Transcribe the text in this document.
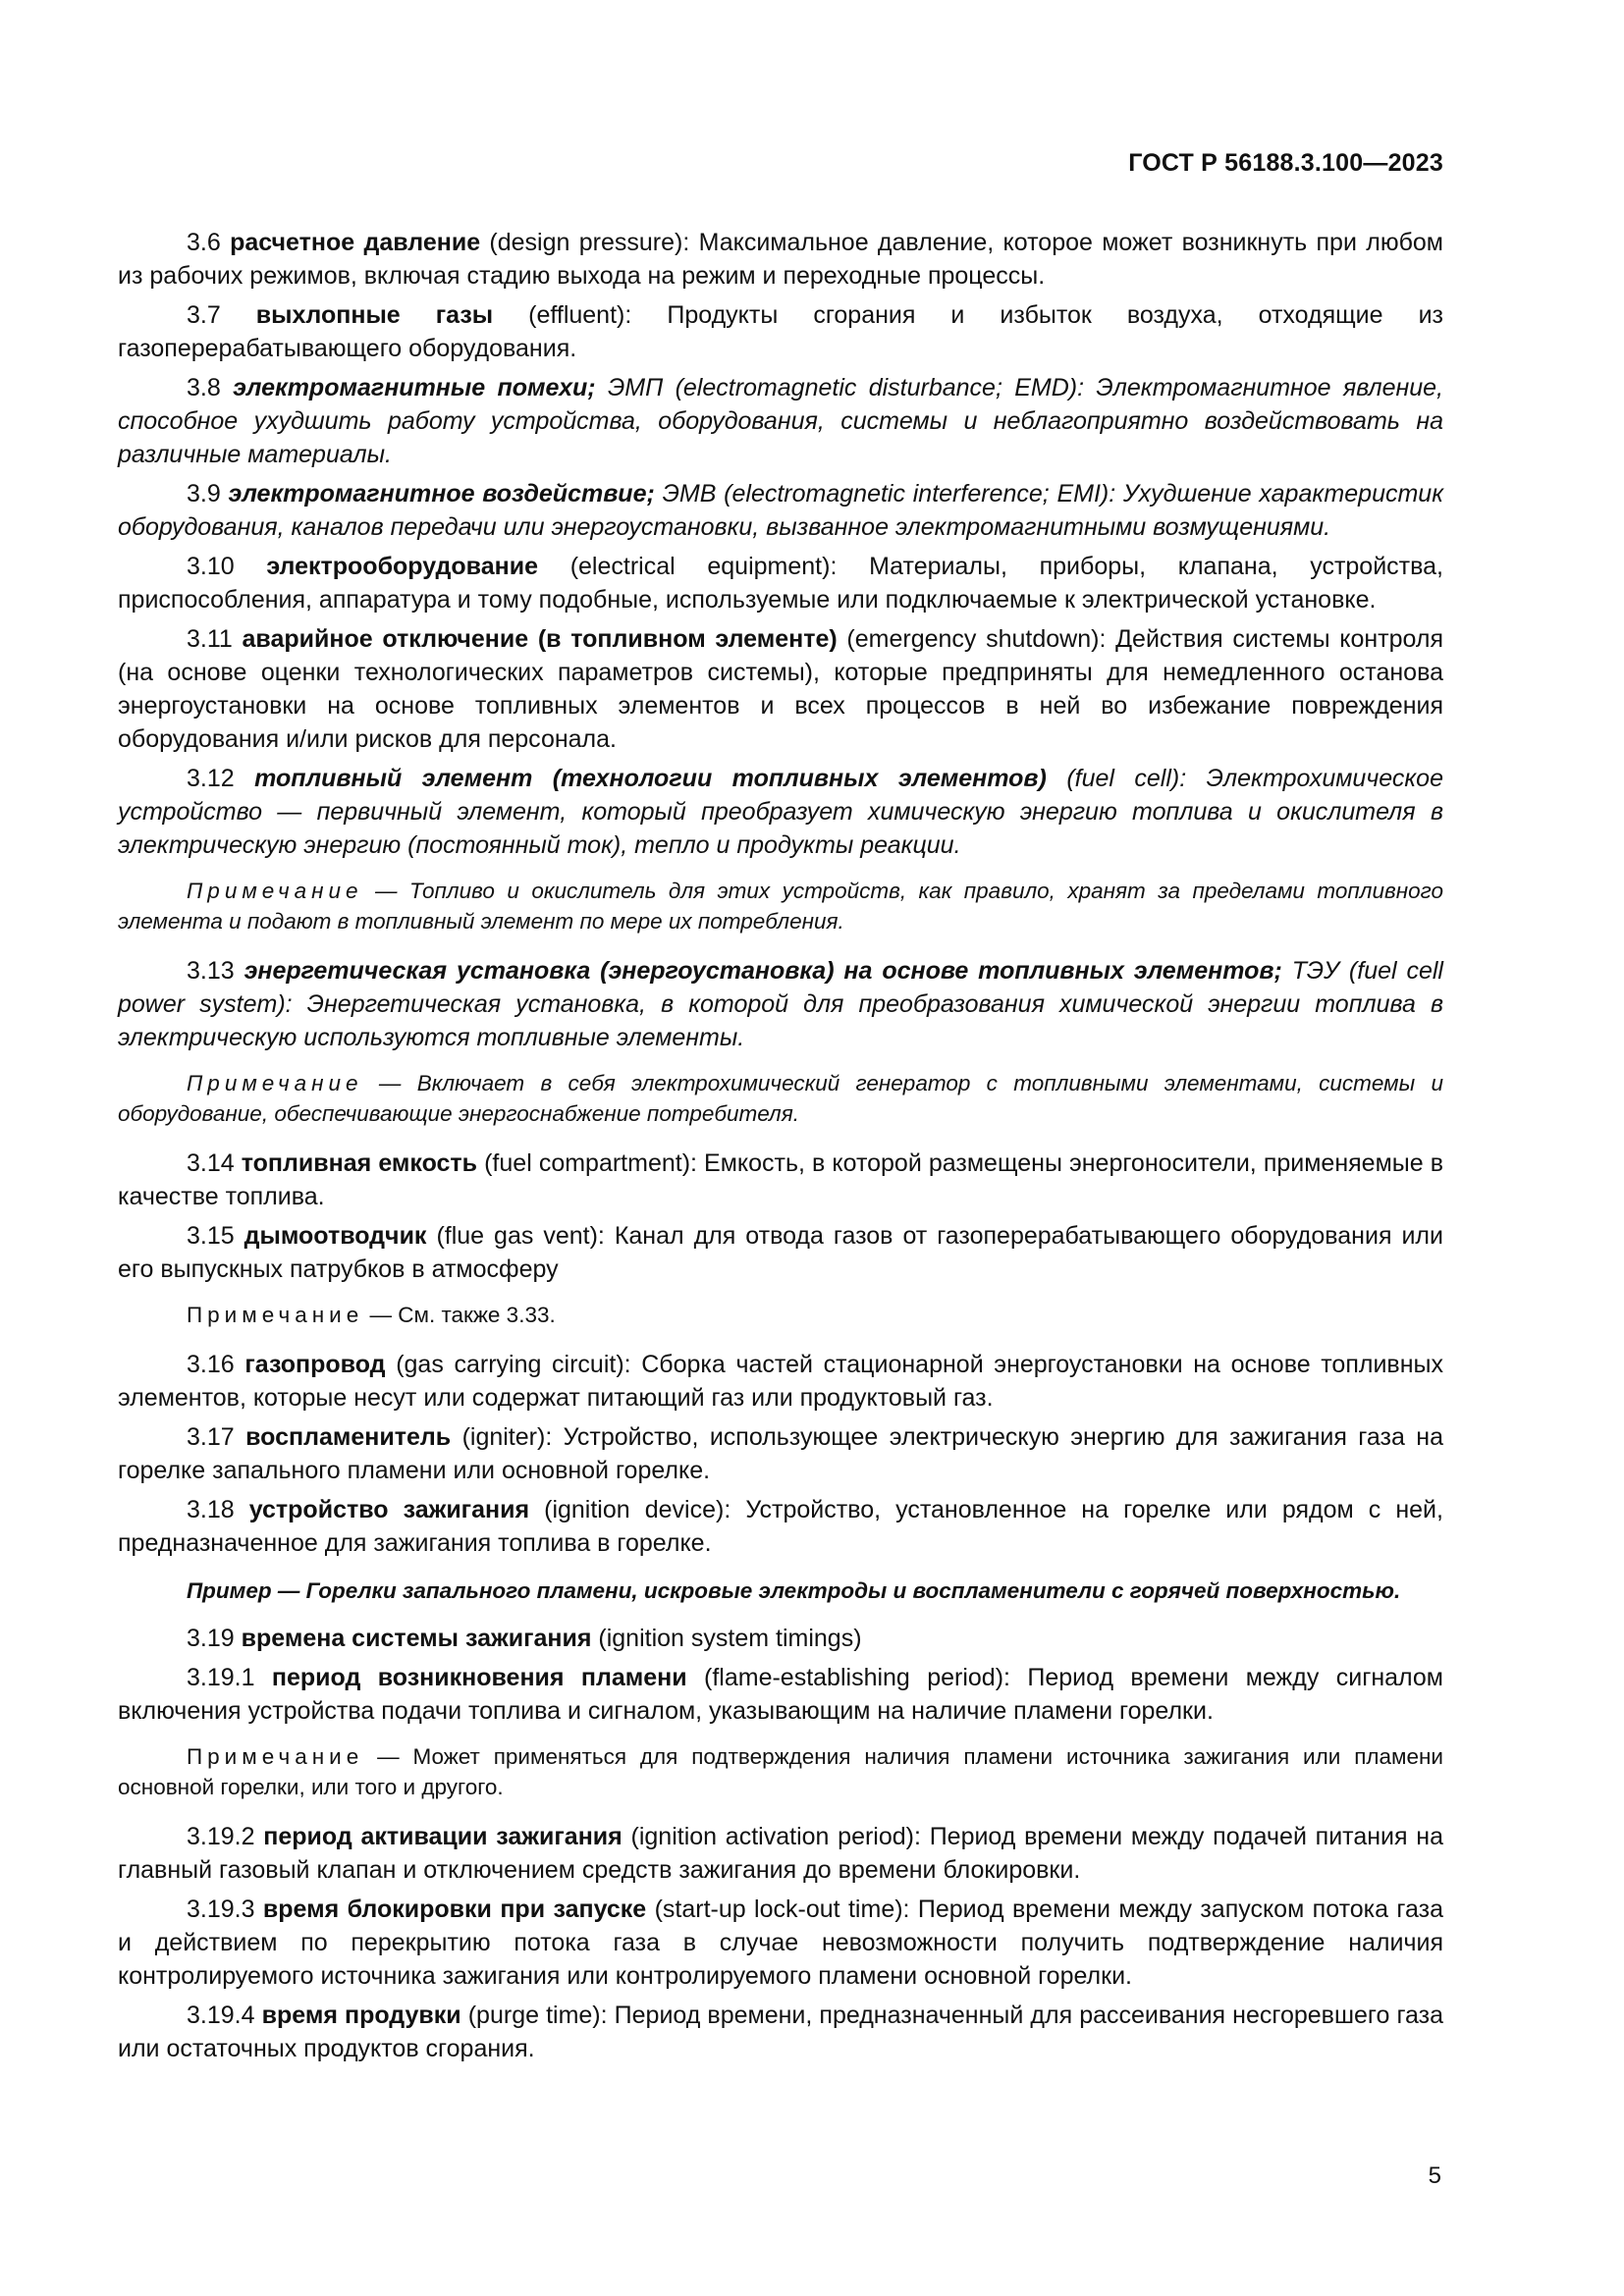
ГОСТ Р 56188.3.100—2023

3.6 расчетное давление (design pressure): Максимальное давление, которое может возникнуть при любом из рабочих режимов, включая стадию выхода на режим и переходные процессы.

3.7 выхлопные газы (effluent): Продукты сгорания и избыток воздуха, отходящие из газоперерабатывающего оборудования.

3.8 электромагнитные помехи; ЭМП (electromagnetic disturbance; EMD): Электромагнитное явление, способное ухудшить работу устройства, оборудования, системы и неблагоприятно воздействовать на различные материалы.

3.9 электромагнитное воздействие; ЭМВ (electromagnetic interference; EMI): Ухудшение характеристик оборудования, каналов передачи или энергоустановки, вызванное электромагнитными возмущениями.

3.10 электрооборудование (electrical equipment): Материалы, приборы, клапана, устройства, приспособления, аппаратура и тому подобные, используемые или подключаемые к электрической установке.

3.11 аварийное отключение (в топливном элементе) (emergency shutdown): Действия системы контроля (на основе оценки технологических параметров системы), которые предприняты для немедленного останова энергоустановки на основе топливных элементов и всех процессов в ней во избежание повреждения оборудования и/или рисков для персонала.

3.12 топливный элемент (технологии топливных элементов) (fuel cell): Электрохимическое устройство — первичный элемент, который преобразует химическую энергию топлива и окислителя в электрическую энергию (постоянный ток), тепло и продукты реакции.

Примечание — Топливо и окислитель для этих устройств, как правило, хранят за пределами топливного элемента и подают в топливный элемент по мере их потребления.

3.13 энергетическая установка (энергоустановка) на основе топливных элементов; ТЭУ (fuel cell power system): Энергетическая установка, в которой для преобразования химической энергии топлива в электрическую используются топливные элементы.

Примечание — Включает в себя электрохимический генератор с топливными элементами, системы и оборудование, обеспечивающие энергоснабжение потребителя.

3.14 топливная емкость (fuel compartment): Емкость, в которой размещены энергоносители, применяемые в качестве топлива.

3.15 дымоотводчик (flue gas vent): Канал для отвода газов от газоперерабатывающего оборудования или его выпускных патрубков в атмосферу

Примечание — См. также 3.33.

3.16 газопровод (gas carrying circuit): Сборка частей стационарной энергоустановки на основе топливных элементов, которые несут или содержат питающий газ или продуктовый газ.

3.17 воспламенитель (igniter): Устройство, использующее электрическую энергию для зажигания газа на горелке запального пламени или основной горелке.

3.18 устройство зажигания (ignition device): Устройство, установленное на горелке или рядом с ней, предназначенное для зажигания топлива в горелке.

Пример — Горелки запального пламени, искровые электроды и воспламенители с горячей поверхностью.

3.19 времена системы зажигания (ignition system timings)

3.19.1 период возникновения пламени (flame-establishing period): Период времени между сигналом включения устройства подачи топлива и сигналом, указывающим на наличие пламени горелки.

Примечание — Может применяться для подтверждения наличия пламени источника зажигания или пламени основной горелки, или того и другого.

3.19.2 период активации зажигания (ignition activation period): Период времени между подачей питания на главный газовый клапан и отключением средств зажигания до времени блокировки.

3.19.3 время блокировки при запуске (start-up lock-out time): Период времени между запуском потока газа и действием по перекрытию потока газа в случае невозможности получить подтверждение наличия контролируемого источника зажигания или контролируемого пламени основной горелки.

3.19.4 время продувки (purge time): Период времени, предназначенный для рассеивания несгоревшего газа или остаточных продуктов сгорания.

5
